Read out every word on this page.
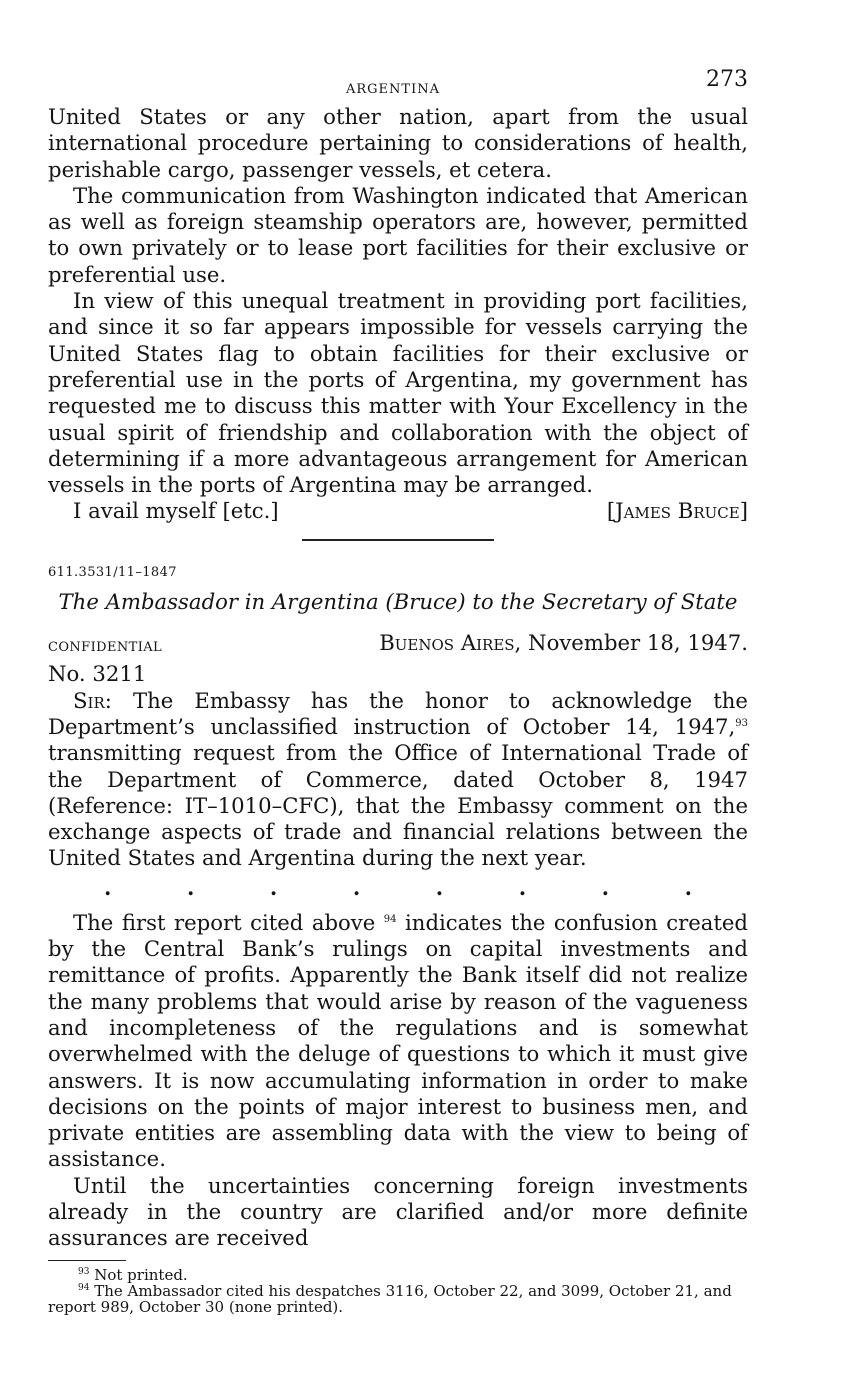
ARGENTINA	273

United States or any other nation, apart from the usual international procedure pertaining to considerations of health, perishable cargo, passenger vessels, et cetera.

The communication from Washington indicated that American as well as foreign steamship operators are, however, permitted to own privately or to lease port facilities for their exclusive or preferential use.

In view of this unequal treatment in providing port facilities, and since it so far appears impossible for vessels carrying the United States flag to obtain facilities for their exclusive or preferential use in the ports of Argentina, my government has requested me to discuss this matter with Your Excellency in the usual spirit of friendship and collaboration with the object of determining if a more advantageous arrangement for American vessels in the ports of Argentina may be arranged.

I avail myself [etc.]	[James Bruce]
611.3531/11–1847
The Ambassador in Argentina (Bruce) to the Secretary of State
CONFIDENTIAL	Buenos Aires, November 18, 1947.
No. 3211

Sir: The Embassy has the honor to acknowledge the Department’s unclassified instruction of October 14, 1947,93 transmitting request from the Office of International Trade of the Department of Commerce, dated October 8, 1947 (Reference: IT–1010–CFC), that the Embassy comment on the exchange aspects of trade and financial relations between the United States and Argentina during the next year.

.	.	.	.	.	.	.	.

The first report cited above $^{94}$ indicates the confusion created by the Central Bank’s rulings on capital investments and remittance of profits. Apparently the Bank itself did not realize the many problems that would arise by reason of the vagueness and incompleteness of the regulations and is somewhat overwhelmed with the deluge of questions to which it must give answers. It is now accumulating information in order to make decisions on the points of major interest to business men, and private entities are assembling data with the view to being of assistance.

Until the uncertainties concerning foreign investments already in the country are clarified and/or more definite assurances are received

$^{93}$ Not printed.
$^{94}$ The Ambassador cited his despatches 3116, October 22, and 3099, October 21, and report 989, October 30 (none printed).
